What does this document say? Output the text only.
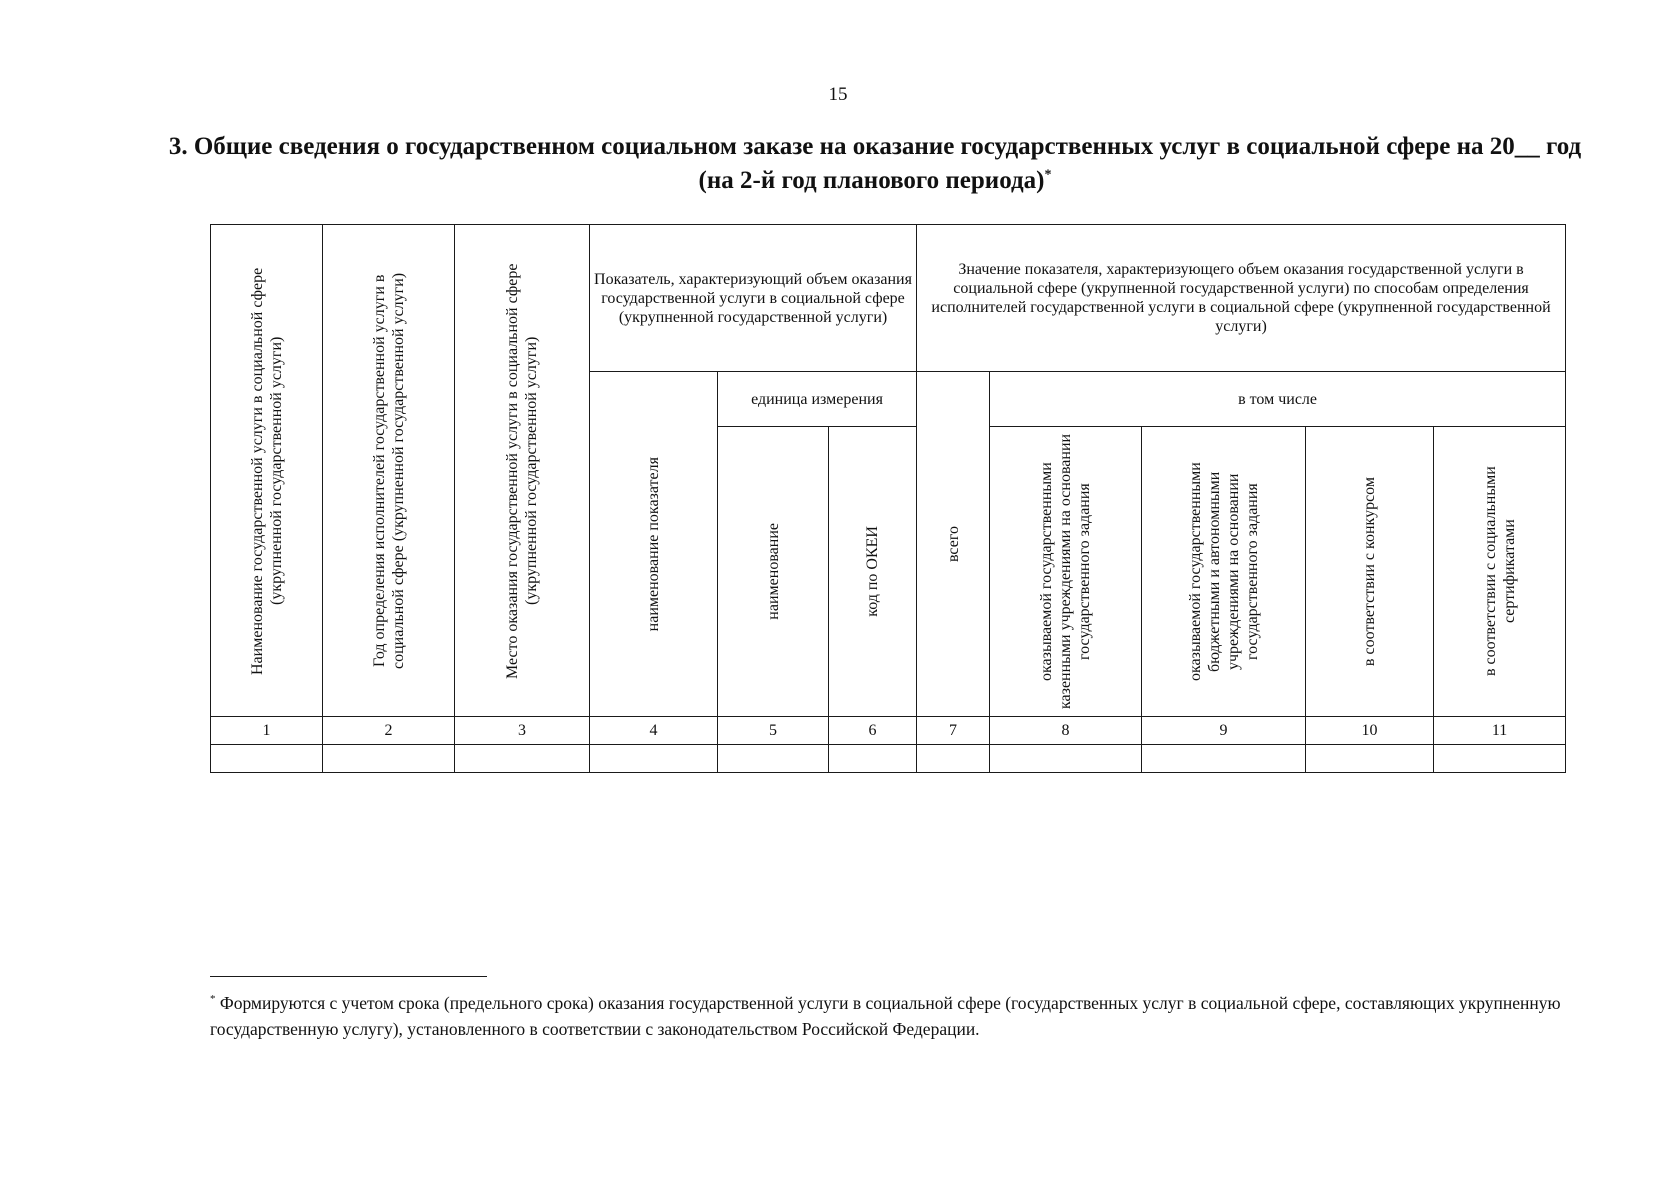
15
3. Общие сведения о государственном социальном заказе на оказание государственных услуг в социальной сфере на 20__ год (на 2-й год планового периода)*
Наименование государственной услуги в социальной сфере (укрупненной государственной услуги)	Год определения исполнителей государственной услуги в социальной сфере (укрупненной государственной услуги)	Место оказания государственной услуги в социальной сфере (укрупненной государственной услуги)	Показатель, характеризующий объем оказания государственной услуги в социальной сфере (укрупненной государственной услуги)			Значение показателя, характеризующего объем оказания государственной услуги в социальной сфере (укрупненной государственной услуги) по способам определения исполнителей государственной услуги в социальной сфере (укрупненной государственной услуги)				

			наименование показателя	единица измерения		всего	в том числе			

				наименование	код по ОКЕИ		оказываемой государственными казенными учреждениями на основании государственного задания	оказываемой государственными бюджетными и автономными учреждениями на основании государственного задания	в соответствии с конкурсом	в соответствии с социальными сертификатами

1	2	3	4	5	6	7	8	9	10	11

* Формируются с учетом срока (предельного срока) оказания государственной услуги в социальной сфере (государственных услуг в социальной сфере, составляющих укрупненную государственную услугу), установленного в соответствии с законодательством Российской Федерации.
